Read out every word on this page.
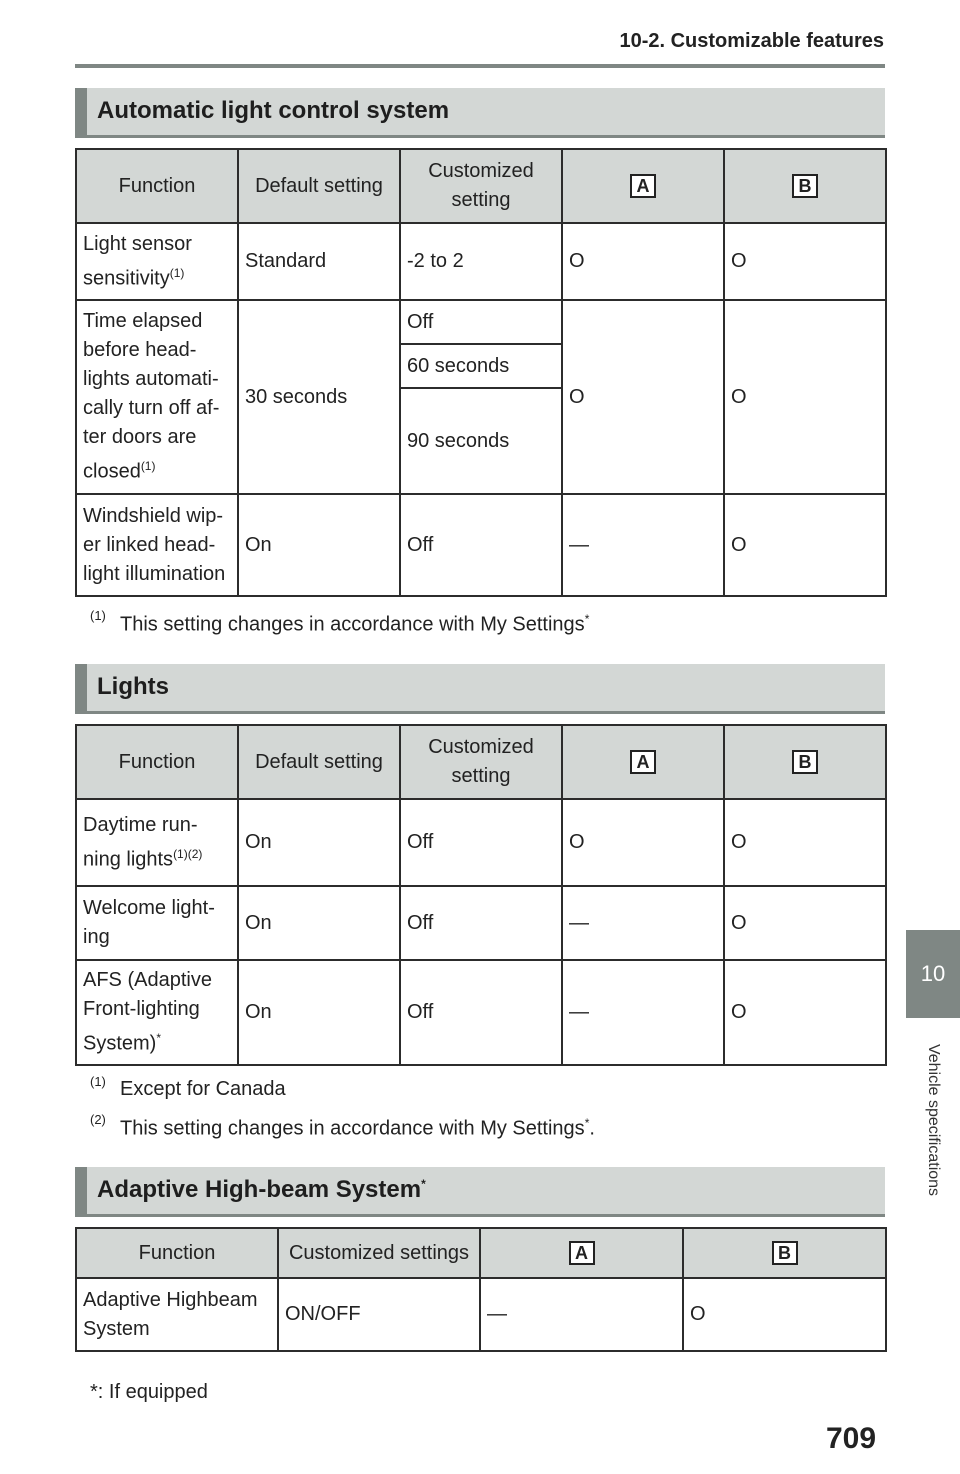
10-2. Customizable features
Automatic light control system
Function	Default setting	Customized setting	A	B
Light sensor sensitivity$^{(1)}$	Standard	-2 to 2	O	O
Time elapsed before head-lights automati-cally turn off af-ter doors are closed$^{(1)}$	30 seconds	Off	O	O
		60 seconds		
		90 seconds		
Windshield wip-er linked head-light illumination	On	Off	—	O
(1) This setting changes in accordance with My Settings*
Lights
Function	Default setting	Customized setting	A	B
Daytime run-ning lights$^{(1)(2)}$	On	Off	O	O
Welcome light-ing	On	Off	—	O
AFS (Adaptive Front-lighting System)*	On	Off	—	O
(1) Except for Canada
(2) This setting changes in accordance with My Settings*.
Adaptive High-beam System*
Function	Customized settings	A	B
Adaptive Highbeam System	ON/OFF	—	O
*: If equipped
10
Vehicle specifications
709
